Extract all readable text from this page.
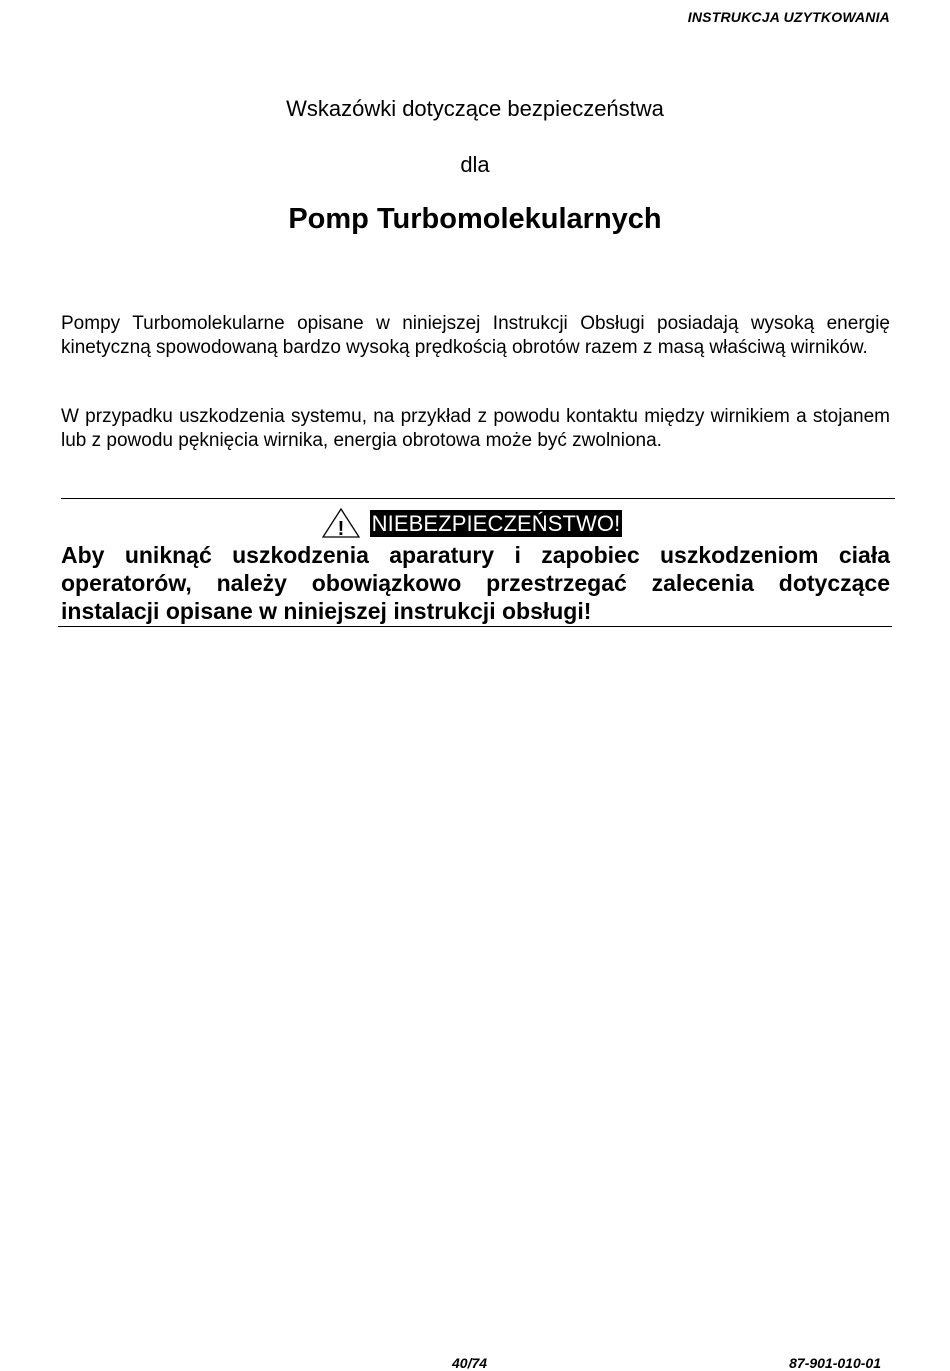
INSTRUKCJA UZYTKOWANIA
Wskazówki dotyczące bezpieczeństwa
dla
Pomp Turbomolekularnych
Pompy Turbomolekularne opisane w niniejszej Instrukcji Obsługi posiadają wysoką energię kinetyczną spowodowaną bardzo wysoką prędkością obrotów razem z masą właściwą wirników.
W przypadku uszkodzenia systemu, na przykład z powodu kontaktu między wirnikiem a stojanem lub z powodu pęknięcia wirnika, energia obrotowa może być zwolniona.
! NIEBEZPIECZEŃSTWO!
Aby uniknąć uszkodzenia aparatury i zapobiec uszkodzeniom ciała operatorów, należy obowiązkowo przestrzegać zalecenia dotyczące instalacji opisane w niniejszej instrukcji obsługi!
40/74	87-901-010-01
